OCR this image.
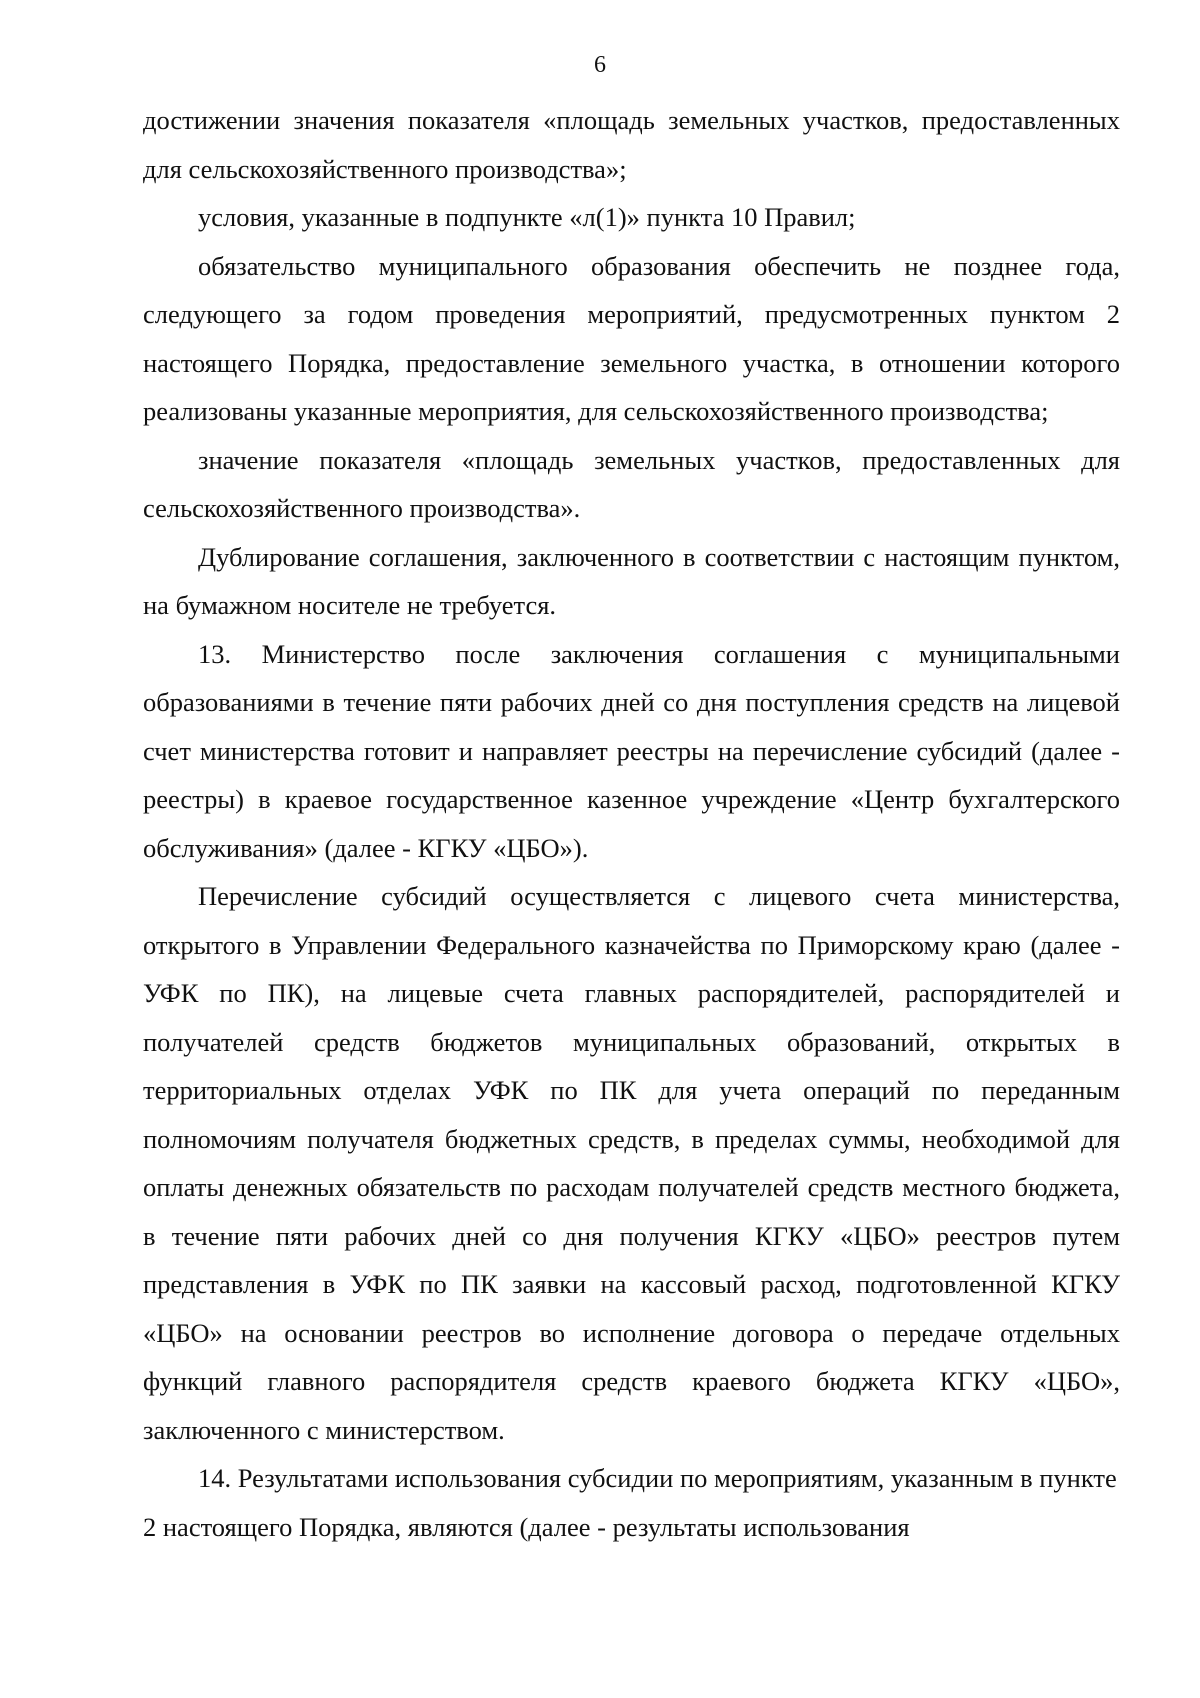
6

достижении значения показателя «площадь земельных участков, предоставленных для сельскохозяйственного производства»;

условия, указанные в подпункте «л(1)» пункта 10 Правил;

обязательство муниципального образования обеспечить не позднее года, следующего за годом проведения мероприятий, предусмотренных пунктом 2 настоящего Порядка, предоставление земельного участка, в отношении которого реализованы указанные мероприятия, для сельскохозяйственного производства;

значение показателя «площадь земельных участков, предоставленных для сельскохозяйственного производства».

Дублирование соглашения, заключенного в соответствии с настоящим пунктом, на бумажном носителе не требуется.

13. Министерство после заключения соглашения с муниципальными образованиями в течение пяти рабочих дней со дня поступления средств на лицевой счет министерства готовит и направляет реестры на перечисление субсидий (далее - реестры) в краевое государственное казенное учреждение «Центр бухгалтерского обслуживания» (далее - КГКУ «ЦБО»).

Перечисление субсидий осуществляется с лицевого счета министерства, открытого в Управлении Федерального казначейства по Приморскому краю (далее - УФК по ПК), на лицевые счета главных распорядителей, распорядителей и получателей средств бюджетов муниципальных образований, открытых в территориальных отделах УФК по ПК для учета операций по переданным полномочиям получателя бюджетных средств, в пределах суммы, необходимой для оплаты денежных обязательств по расходам получателей средств местного бюджета, в течение пяти рабочих дней со дня получения КГКУ «ЦБО» реестров путем представления в УФК по ПК заявки на кассовый расход, подготовленной КГКУ «ЦБО» на основании реестров во исполнение договора о передаче отдельных функций главного распорядителя средств краевого бюджета КГКУ «ЦБО», заключенного с министерством.

14. Результатами использования субсидии по мероприятиям, указанным в пункте 2 настоящего Порядка, являются (далее - результаты использования
